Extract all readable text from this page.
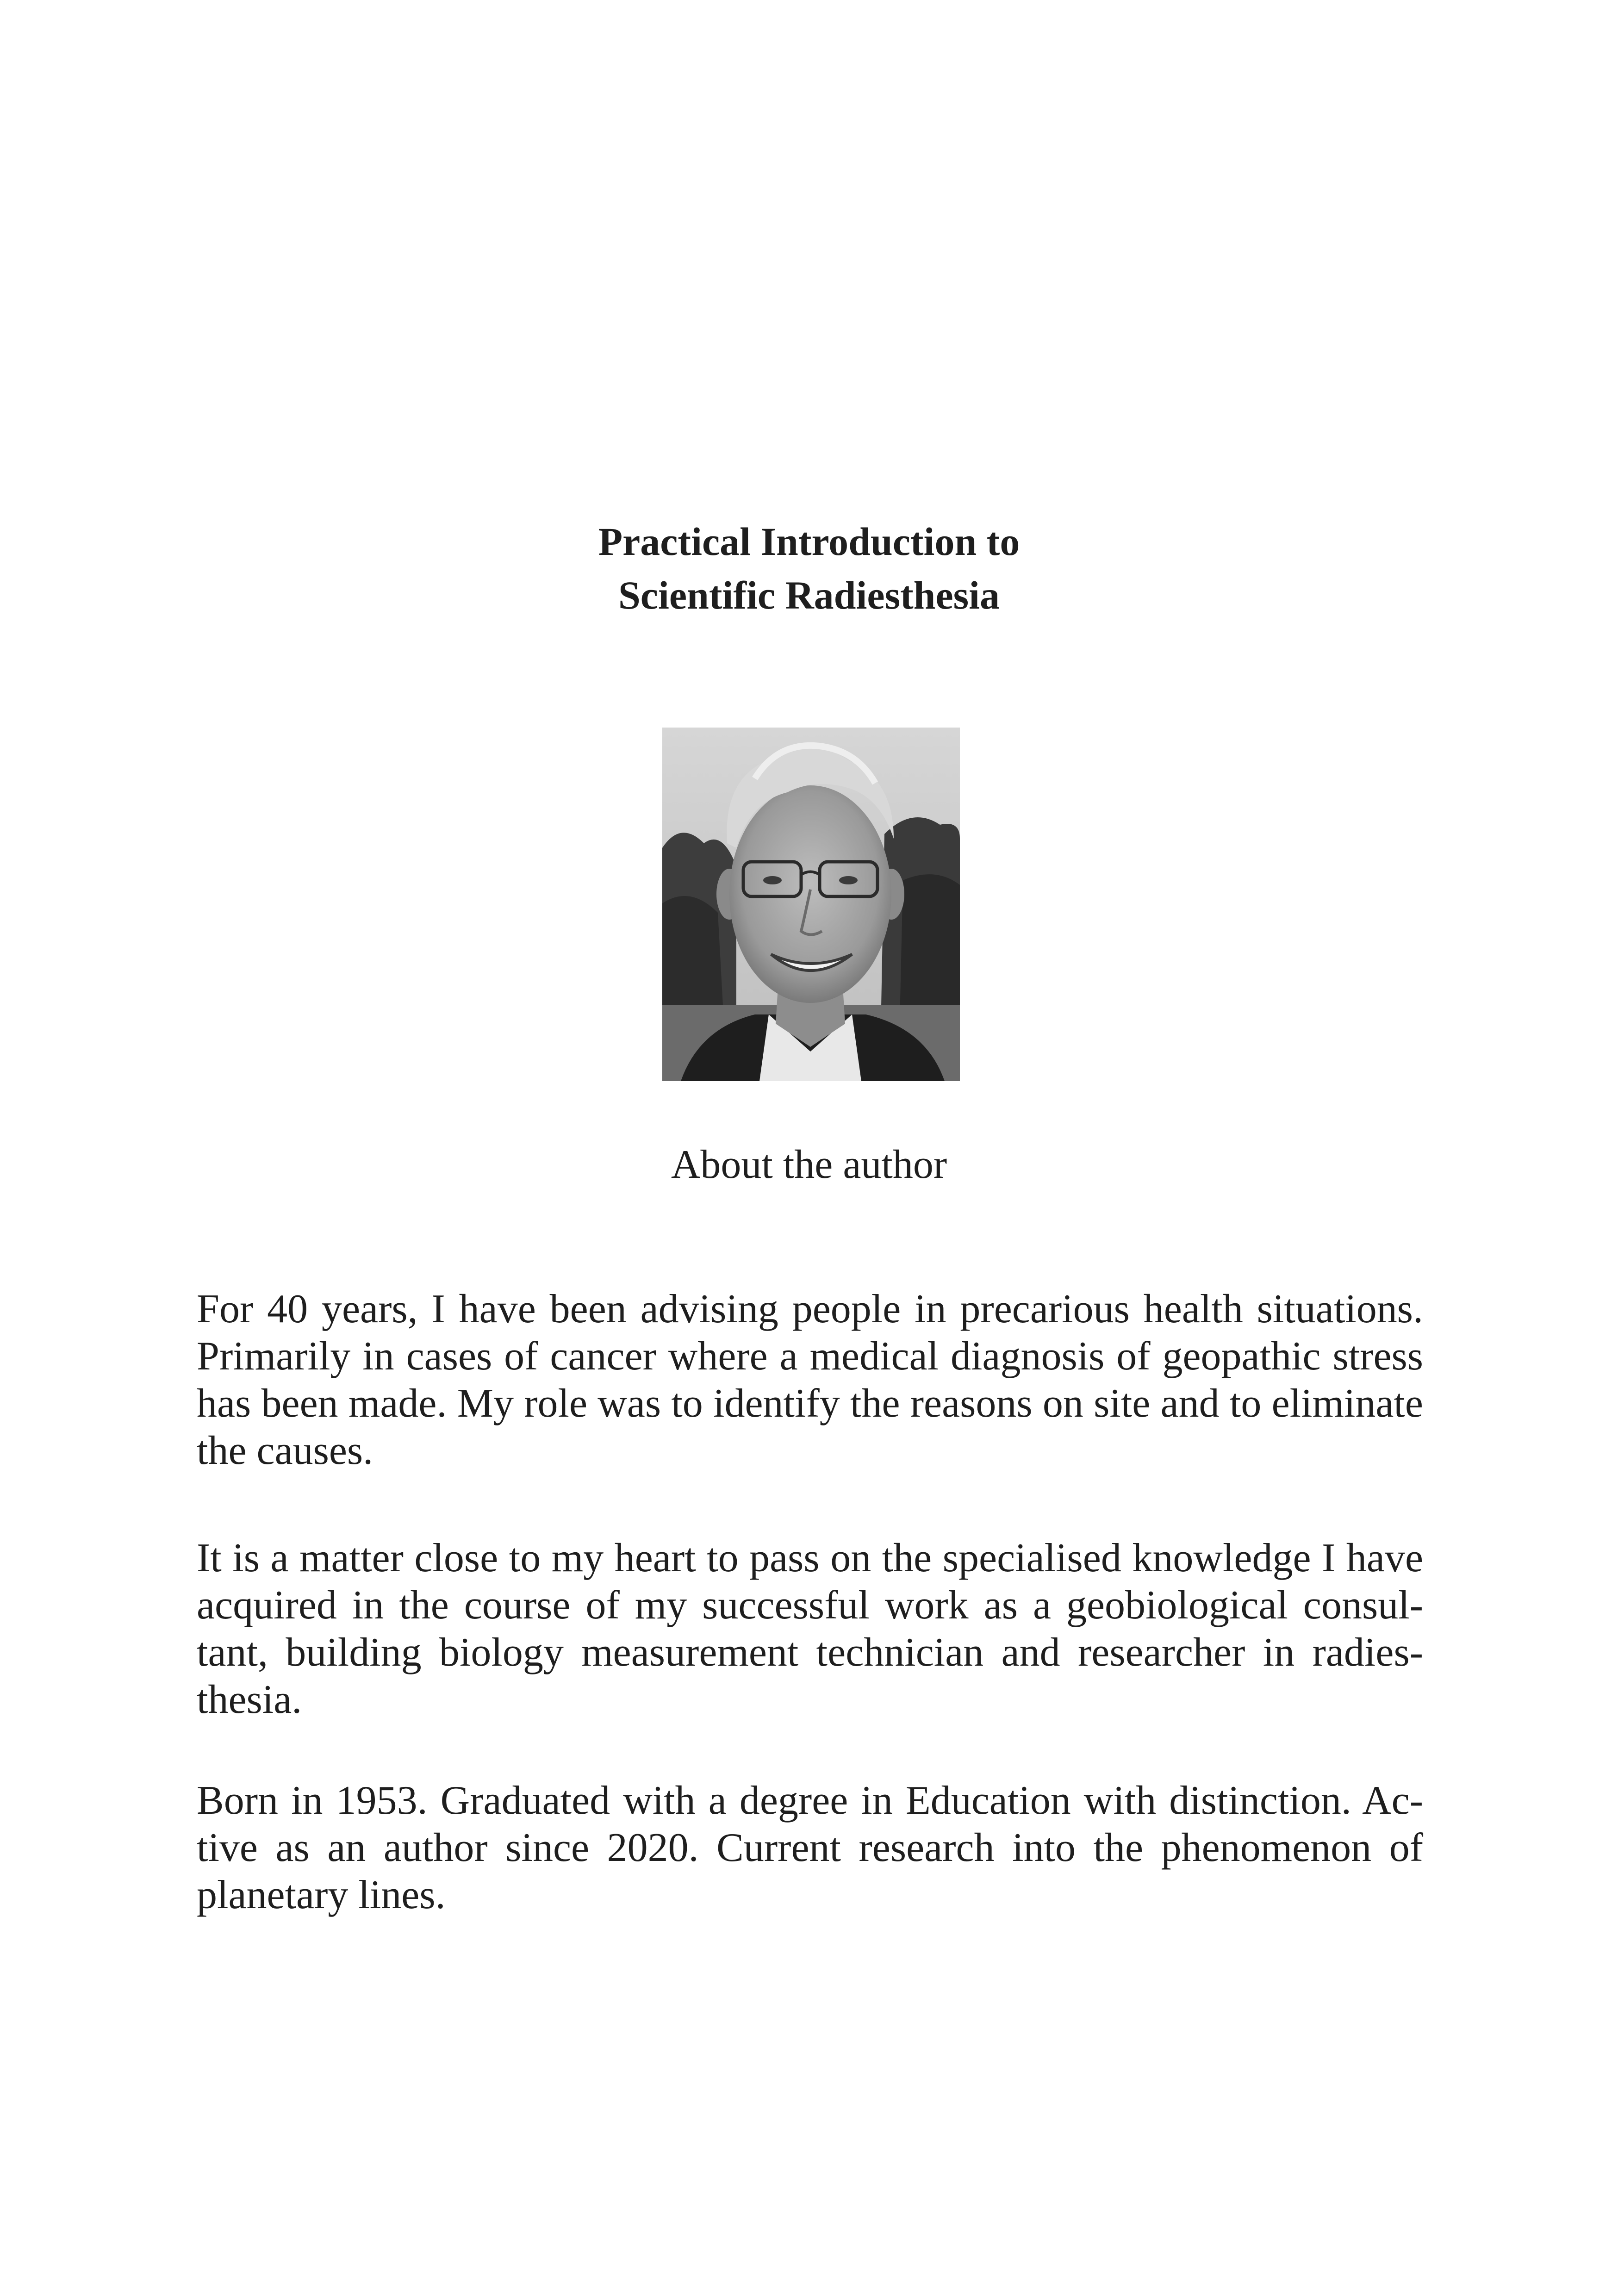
Practical Introduction to
Scientific Radiesthesia
About the author

For 40 years, I have been advising people in precarious health situations. Primarily in cases of cancer where a medical diagnosis of geopathic stress has been made. My role was to identify the reasons on site and to eliminate the causes.

It is a matter close to my heart to pass on the specialised knowledge I have acquired in the course of my successful work as a geobiological consultant, building biology measurement technician and researcher in radiesthesia.

Born in 1953. Graduated with a degree in Education with distinction. Active as an author since 2020. Current research into the phenomenon of planetary lines.
